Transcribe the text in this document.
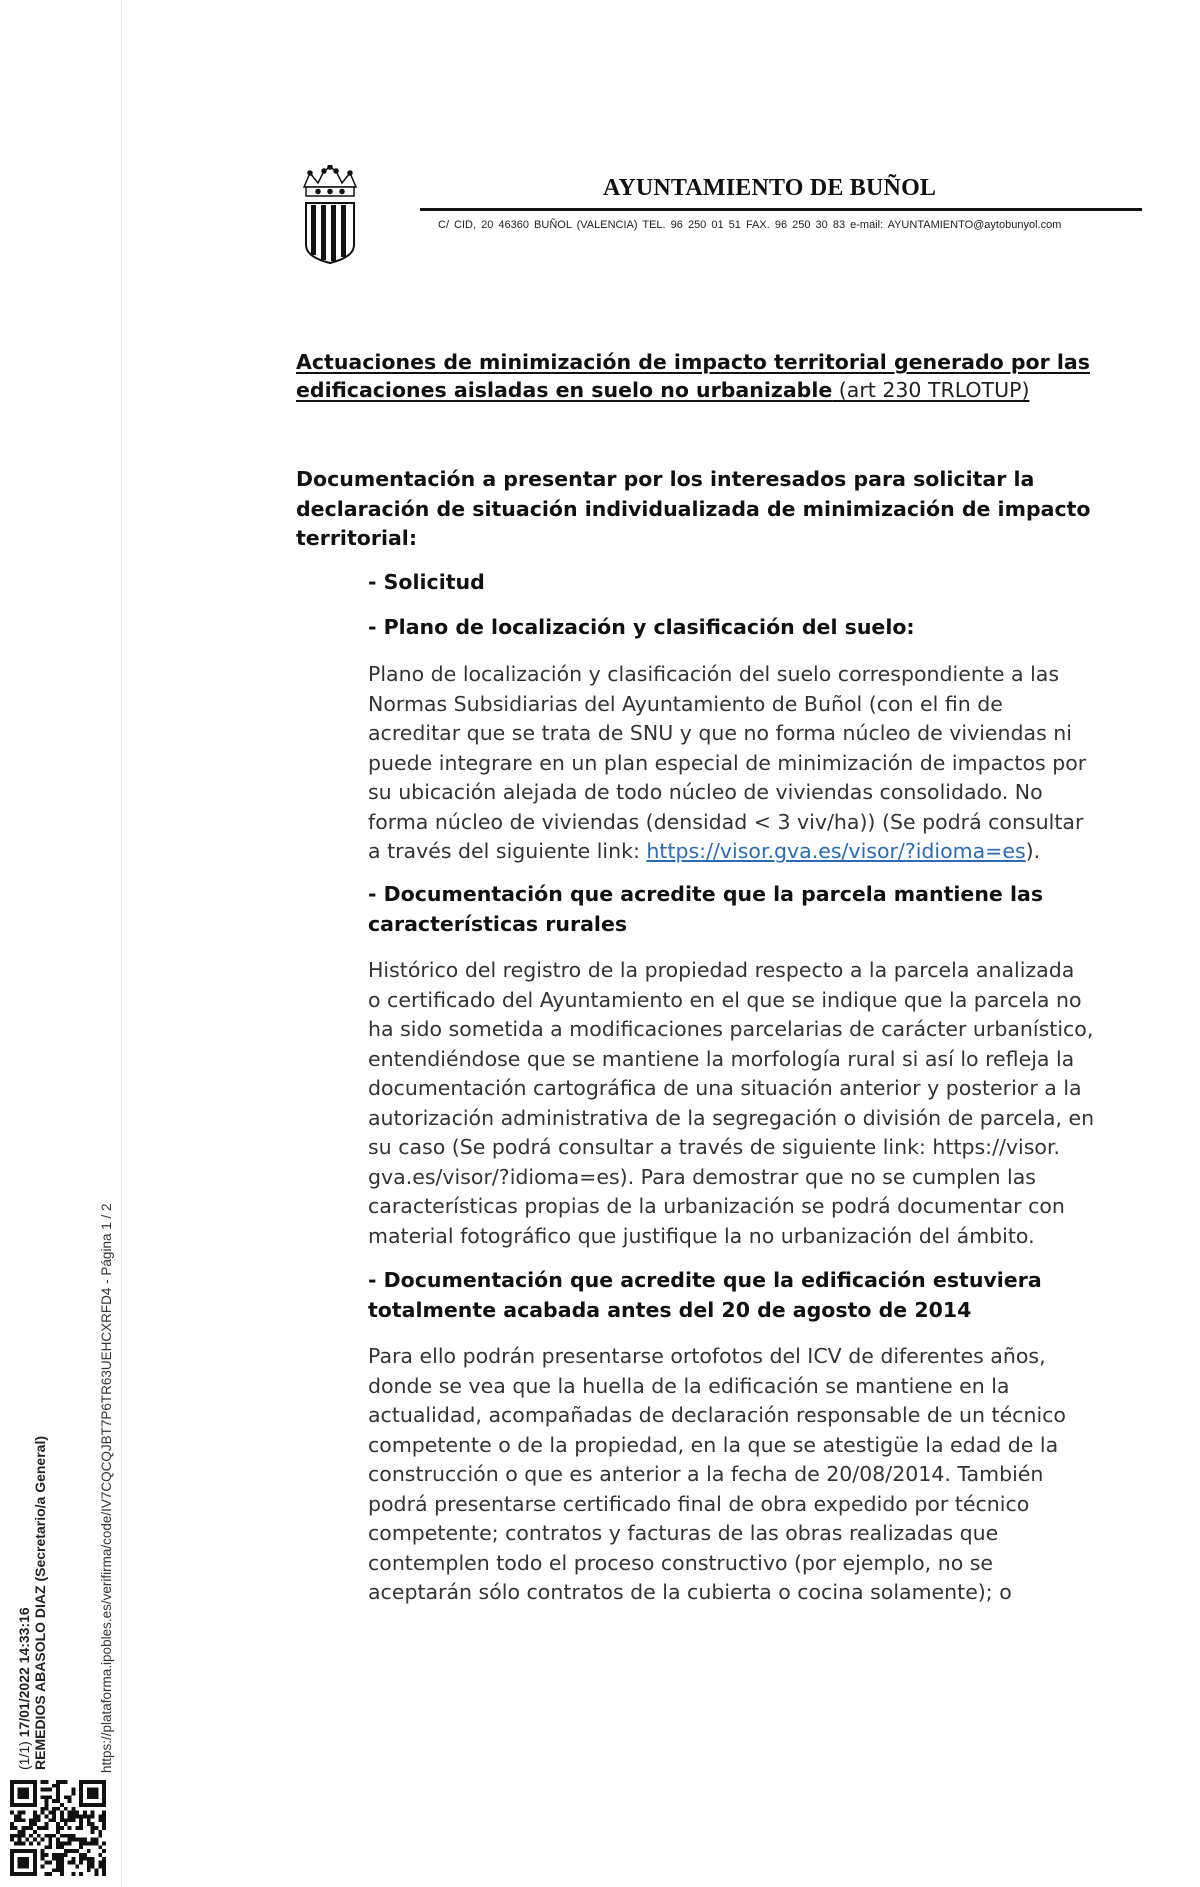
AYUNTAMIENTO DE BUÑOL
C/ CID, 20 46360 BUÑOL (VALENCIA) TEL. 96 250 01 51 FAX. 96 250 30 83 e-mail: AYUNTAMIENTO@aytobunyol.com
Actuaciones de minimización de impacto territorial generado por las
edificaciones aisladas en suelo no urbanizable (art 230 TRLOTUP)
Documentación a presentar por los interesados para solicitar la
declaración de situación individualizada de minimización de impacto
territorial:
- Solicitud
- Plano de localización y clasificación del suelo:
Plano de localización y clasificación del suelo correspondiente a las
Normas Subsidiarias del Ayuntamiento de Buñol (con el fin de
acreditar que se trata de SNU y que no forma núcleo de viviendas ni
puede integrare en un plan especial de minimización de impactos por
su ubicación alejada de todo núcleo de viviendas consolidado. No
forma núcleo de viviendas (densidad < 3 viv/ha)) (Se podrá consultar
a través del siguiente link: https://visor.gva.es/visor/?idioma=es).
- Documentación que acredite que la parcela mantiene las
características rurales
Histórico del registro de la propiedad respecto a la parcela analizada
o certificado del Ayuntamiento en el que se indique que la parcela no
ha sido sometida a modificaciones parcelarias de carácter urbanístico,
entendiéndose que se mantiene la morfología rural si así lo refleja la
documentación cartográfica de una situación anterior y posterior a la
autorización administrativa de la segregación o división de parcela, en
su caso (Se podrá consultar a través de siguiente link: https://visor.
gva.es/visor/?idioma=es). Para demostrar que no se cumplen las
características propias de la urbanización se podrá documentar con
material fotográfico que justifique la no urbanización del ámbito.
- Documentación que acredite que la edificación estuviera
totalmente acabada antes del 20 de agosto de 2014
Para ello podrán presentarse ortofotos del ICV de diferentes años,
donde se vea que la huella de la edificación se mantiene en la
actualidad, acompañadas de declaración responsable de un técnico
competente o de la propiedad, en la que se atestigüe la edad de la
construcción o que es anterior a la fecha de 20/08/2014. También
podrá presentarse certificado final de obra expedido por técnico
competente; contratos y facturas de las obras realizadas que
contemplen todo el proceso constructivo (por ejemplo, no se
aceptarán sólo contratos de la cubierta o cocina solamente); o
(1/1) 17/01/2022 14:33:16 REMEDIOS ABASOLO DIAZ (Secretario/a General)	https://plataforma.ipobles.es/verifirma/code/IV7CQCQJBT7P6TR63UEHCXRFD4 - Página 1 / 2
